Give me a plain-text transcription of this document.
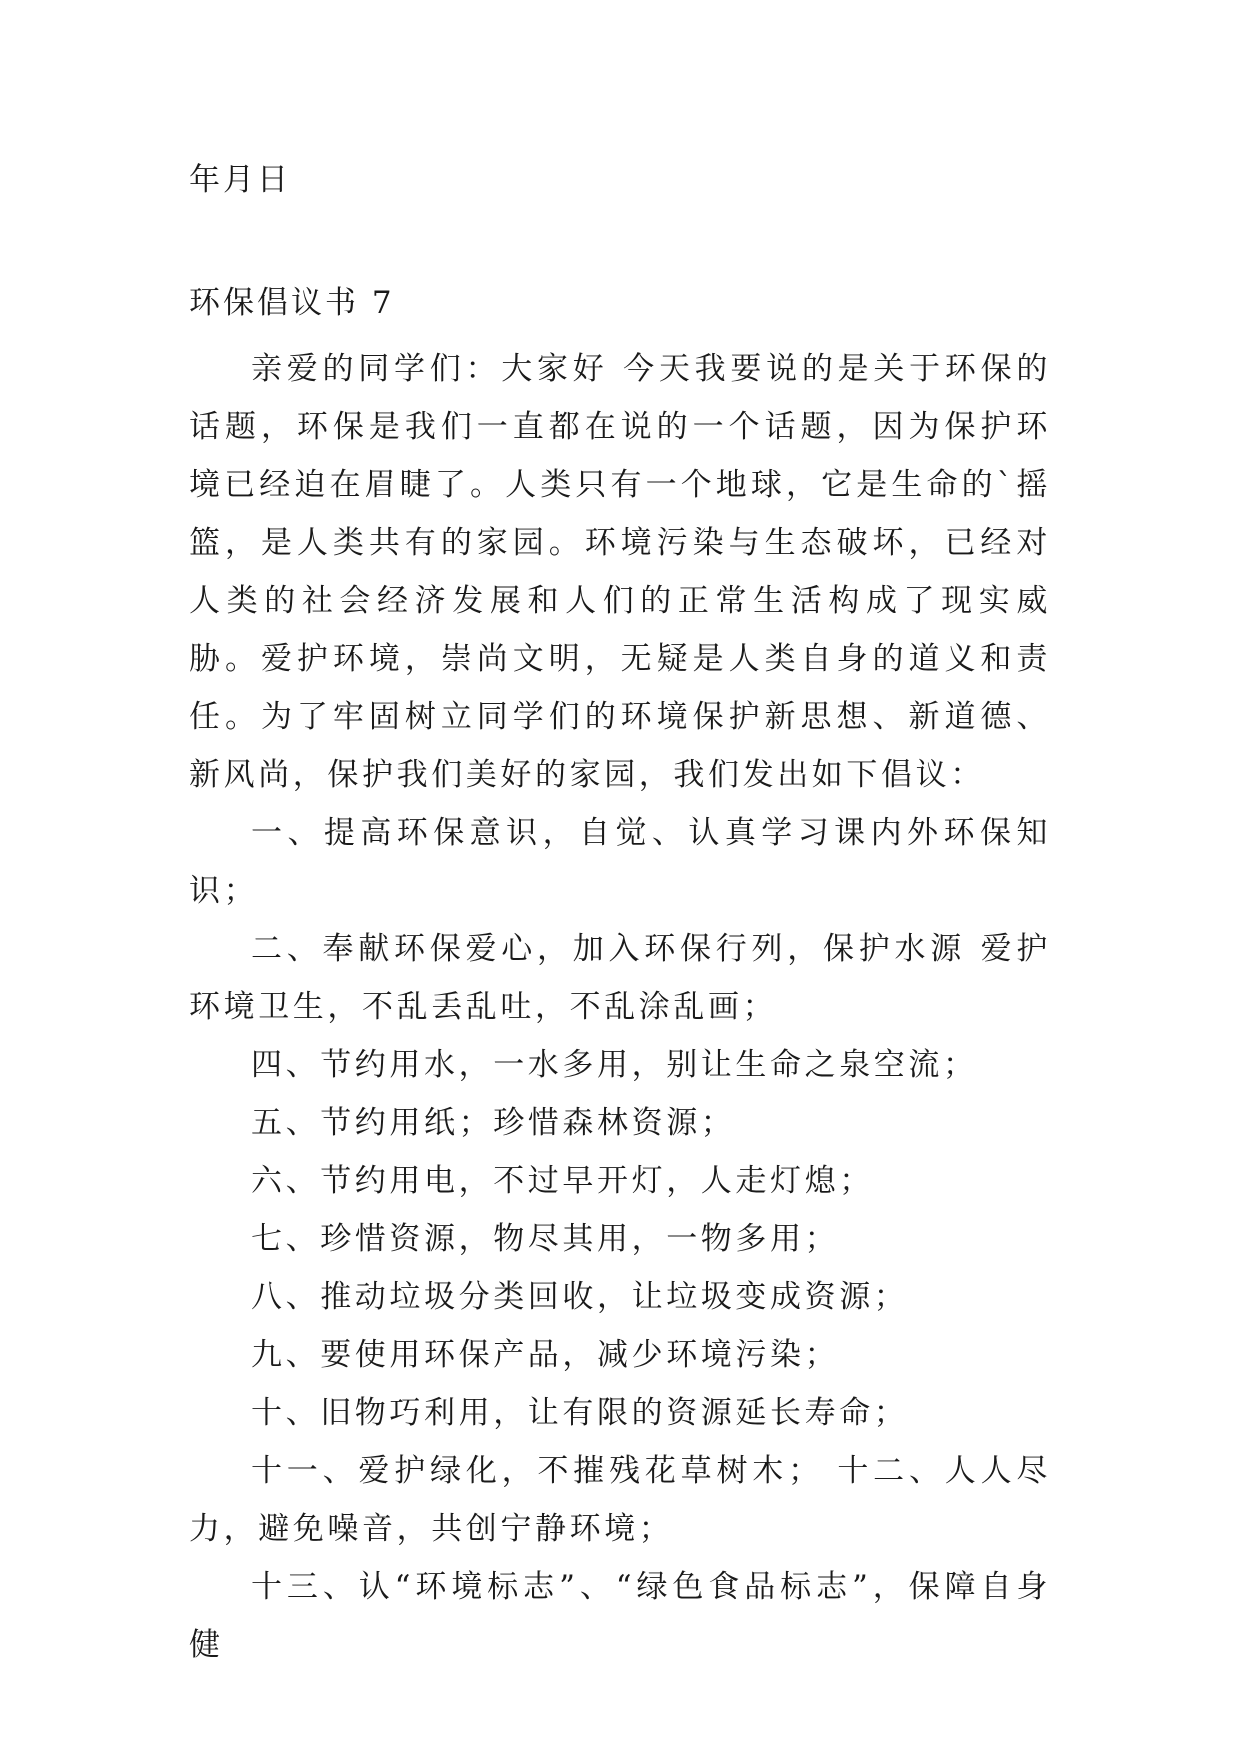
年月日
环保倡议书 7

亲爱的同学们：大家好 今天我要说的是关于环保的话题，环保是我们一直都在说的一个话题，因为保护环境已经迫在眉睫了。人类只有一个地球，它是生命的`摇篮，是人类共有的家园。环境污染与生态破坏，已经对人类的社会经济发展和人们的正常生活构成了现实威胁。爱护环境，崇尚文明，无疑是人类自身的道义和责任。为了牢固树立同学们的环境保护新思想、新道德、新风尚，保护我们美好的家园，我们发出如下倡议：

一、提高环保意识，自觉、认真学习课内外环保知识；

二、奉献环保爱心，加入环保行列，保护水源 爱护环境卫生，不乱丢乱吐，不乱涂乱画；

四、节约用水，一水多用，别让生命之泉空流；

五、节约用纸；珍惜森林资源；

六、节约用电，不过早开灯，人走灯熄；

七、珍惜资源，物尽其用，一物多用；

八、推动垃圾分类回收，让垃圾变成资源；

九、要使用环保产品，减少环境污染；

十、旧物巧利用，让有限的资源延长寿命；

十一、爱护绿化，不摧残花草树木； 十二、人人尽力，避免噪音，共创宁静环境；

十三、认“环境标志”、“绿色食品标志”，保障自身健
